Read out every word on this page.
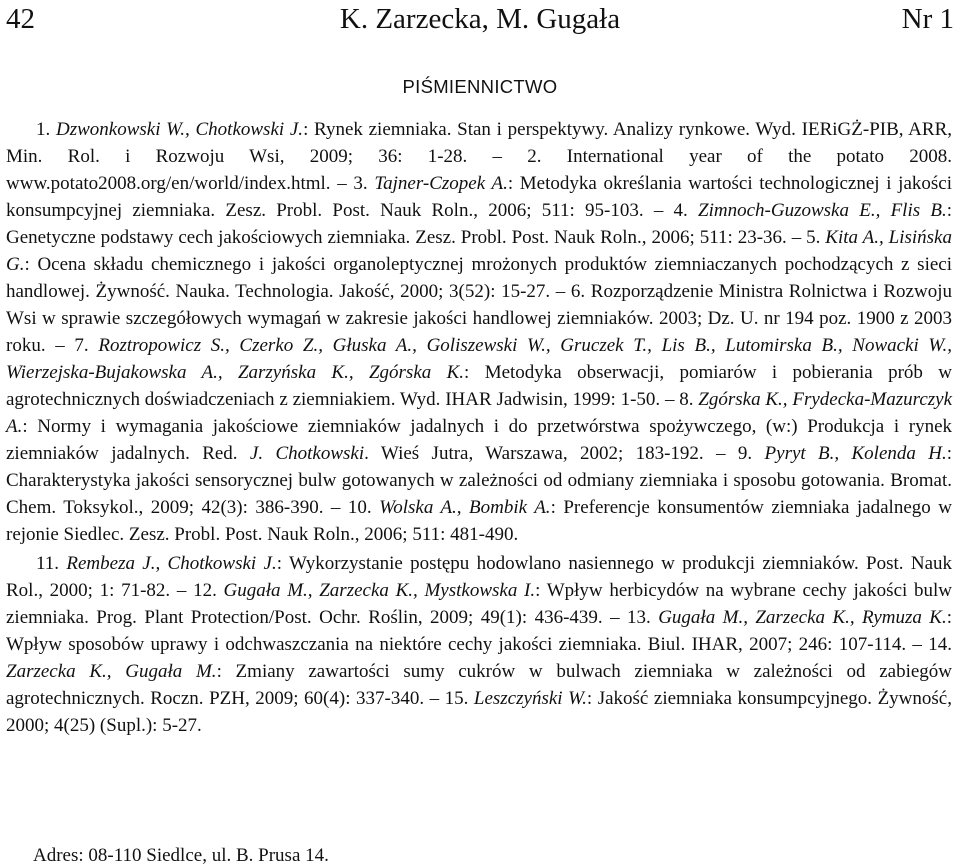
K. Zarzecka, M. Gugała
42	Nr 1
PIŚMIENNICTWO

1. Dzwonkowski W., Chotkowski J.: Rynek ziemniaka. Stan i perspektywy. Analizy rynkowe. Wyd. IERiGŻ-PIB, ARR, Min. Rol. i Rozwoju Wsi, 2009; 36: 1-28. – 2. International year of the potato 2008. www.potato2008.org/en/world/index.html. – 3. Tajner-Czopek A.: Metodyka określania wartości technologicznej i jakości konsumpcyjnej ziemniaka. Zesz. Probl. Post. Nauk Roln., 2006; 511: 95-103. – 4. Zimnoch-Guzowska E., Flis B.: Genetyczne podstawy cech jakościowych ziemniaka. Zesz. Probl. Post. Nauk Roln., 2006; 511: 23-36. – 5. Kita A., Lisińska G.: Ocena składu chemicznego i jakości organoleptycznej mrożonych produktów ziemniaczanych pochodzących z sieci handlowej. Żywność. Nauka. Technologia. Jakość, 2000; 3(52): 15-27. – 6. Rozporządzenie Ministra Rolnictwa i Rozwoju Wsi w sprawie szczegółowych wymagań w zakresie jakości handlowej ziemniaków. 2003; Dz. U. nr 194 poz. 1900 z 2003 roku. – 7. Roztropowicz S., Czerko Z., Głuska A., Goliszewski W., Gruczek T., Lis B., Lutomirska B., Nowacki W., Wierzejska-Bujakowska A., Zarzyńska K., Zgórska K.: Metodyka obserwacji, pomiarów i pobierania prób w agrotechnicznych doświadczeniach z ziemniakiem. Wyd. IHAR Jadwisin, 1999: 1-50. – 8. Zgórska K., Frydecka-Mazurczyk A.: Normy i wymagania jakościowe ziemniaków jadalnych i do przetwórstwa spożywczego, (w:) Produkcja i rynek ziemniaków jadalnych. Red. J. Chotkowski. Wieś Jutra, Warszawa, 2002; 183-192. – 9. Pyryt B., Kolenda H.: Charakterystyka jakości sensorycznej bulw gotowanych w zależności od odmiany ziemniaka i sposobu gotowania. Bromat. Chem. Toksykol., 2009; 42(3): 386-390. – 10. Wolska A., Bombik A.: Preferencje konsumentów ziemniaka jadalnego w rejonie Siedlec. Zesz. Probl. Post. Nauk Roln., 2006; 511: 481-490.

11. Rembeza J., Chotkowski J.: Wykorzystanie postępu hodowlano nasiennego w produkcji ziemniaków. Post. Nauk Rol., 2000; 1: 71-82. – 12. Gugała M., Zarzecka K., Mystkowska I.: Wpływ herbicydów na wybrane cechy jakości bulw ziemniaka. Prog. Plant Protection/Post. Ochr. Roślin, 2009; 49(1): 436-439. – 13. Gugała M., Zarzecka K., Rymuza K.: Wpływ sposobów uprawy i odchwaszczania na niektóre cechy jakości ziemniaka. Biul. IHAR, 2007; 246: 107-114. – 14. Zarzecka K., Gugała M.: Zmiany zawartości sumy cukrów w bulwach ziemniaka w zależności od zabiegów agrotechnicznych. Roczn. PZH, 2009; 60(4): 337-340. – 15. Leszczyński W.: Jakość ziemniaka konsumpcyjnego. Żywność, 2000; 4(25) (Supl.): 5-27.

Adres: 08-110 Siedlce, ul. B. Prusa 14.
